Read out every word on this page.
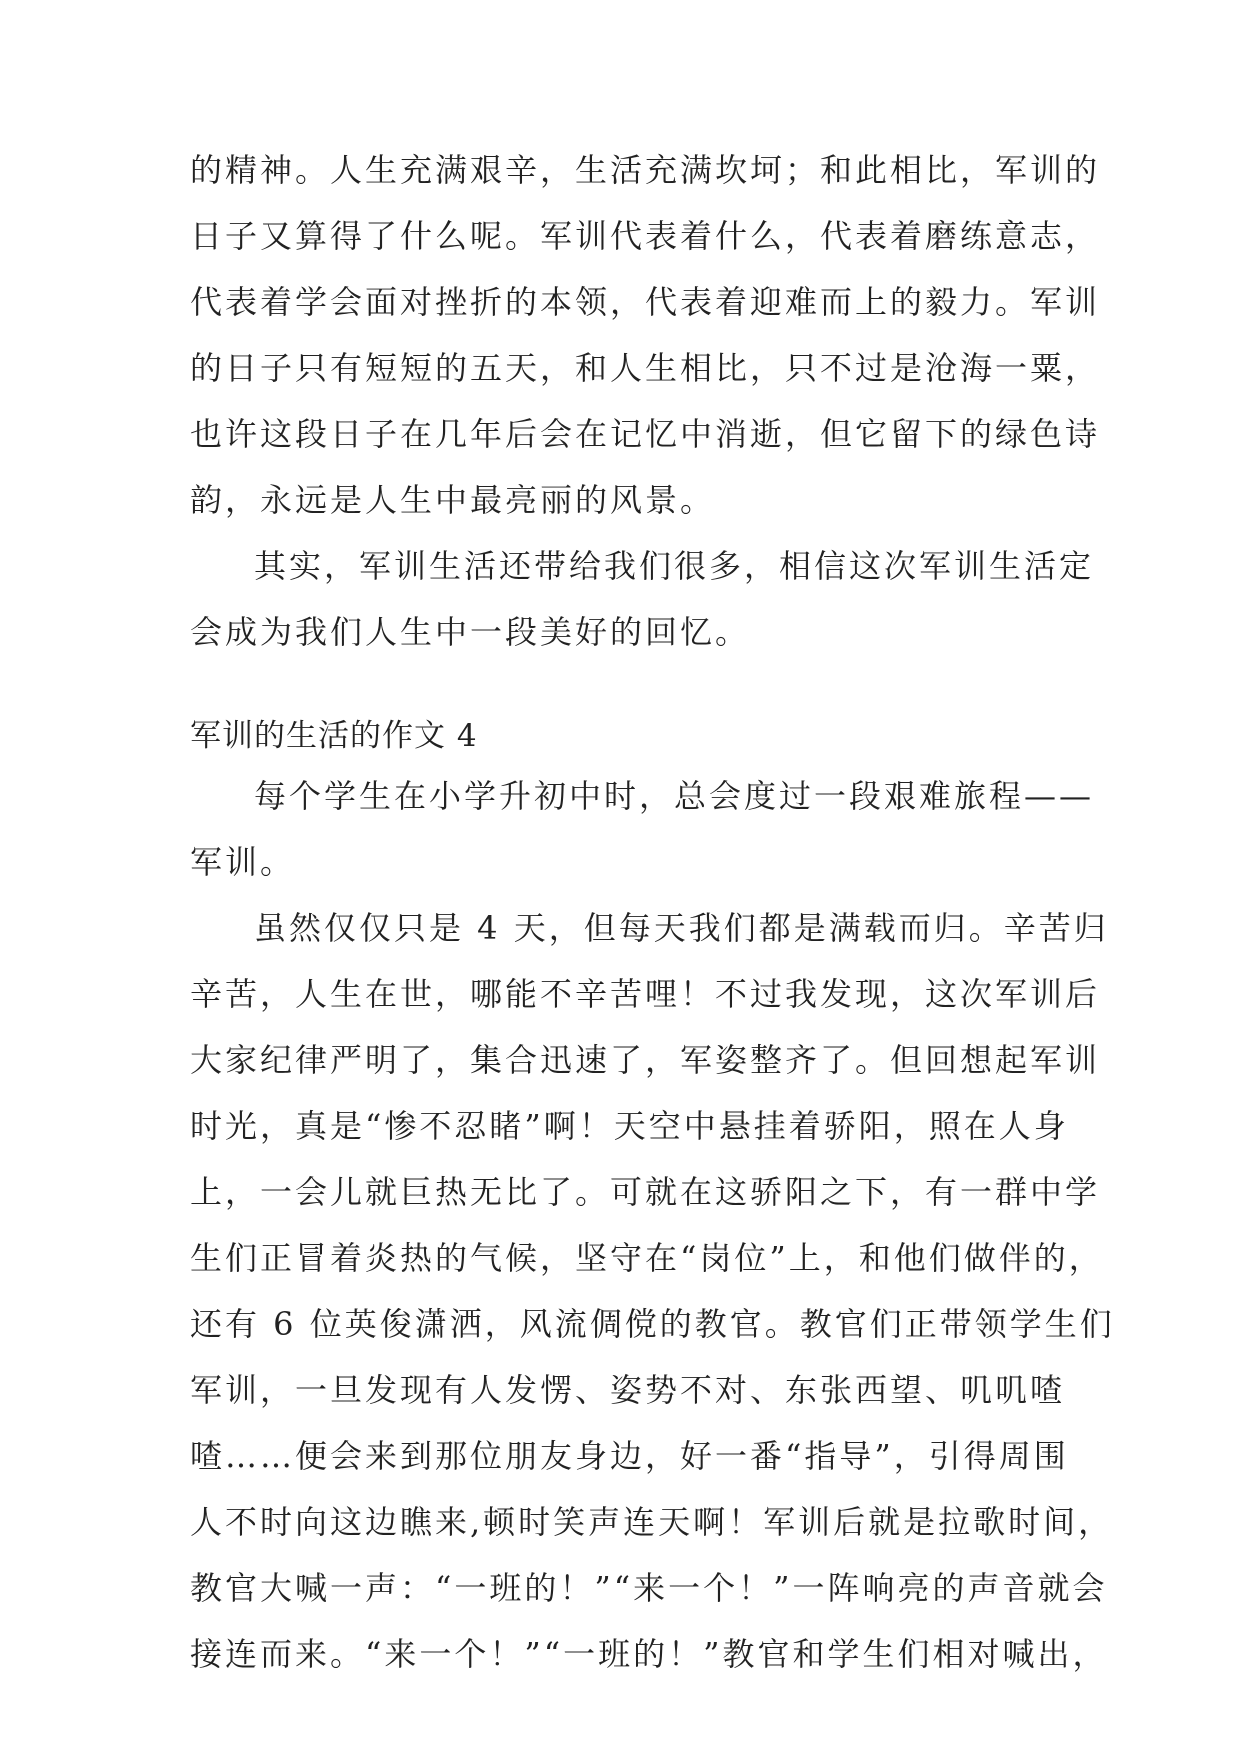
的精神。人生充满艰辛，生活充满坎坷；和此相比，军训的
日子又算得了什么呢。军训代表着什么，代表着磨练意志，
代表着学会面对挫折的本领，代表着迎难而上的毅力。军训
的日子只有短短的五天，和人生相比，只不过是沧海一粟，
也许这段日子在几年后会在记忆中消逝，但它留下的绿色诗
韵，永远是人生中最亮丽的风景。
其实，军训生活还带给我们很多，相信这次军训生活定
会成为我们人生中一段美好的回忆。
军训的生活的作文 4
每个学生在小学升初中时，总会度过一段艰难旅程——
军训。
虽然仅仅只是 4 天，但每天我们都是满载而归。辛苦归
辛苦，人生在世，哪能不辛苦哩！不过我发现，这次军训后
大家纪律严明了，集合迅速了，军姿整齐了。但回想起军训
时光，真是“惨不忍睹”啊！天空中悬挂着骄阳，照在人身
上，一会儿就巨热无比了。可就在这骄阳之下，有一群中学
生们正冒着炎热的气候，坚守在“岗位”上，和他们做伴的，
还有 6 位英俊潇洒，风流倜傥的教官。教官们正带领学生们
军训，一旦发现有人发愣、姿势不对、东张西望、叽叽喳
喳……便会来到那位朋友身边，好一番“指导”，引得周围
人不时向这边瞧来,顿时笑声连天啊！军训后就是拉歌时间，
教官大喊一声：“一班的！”“来一个！”一阵响亮的声音就会
接连而来。“来一个！”“一班的！”教官和学生们相对喊出，
